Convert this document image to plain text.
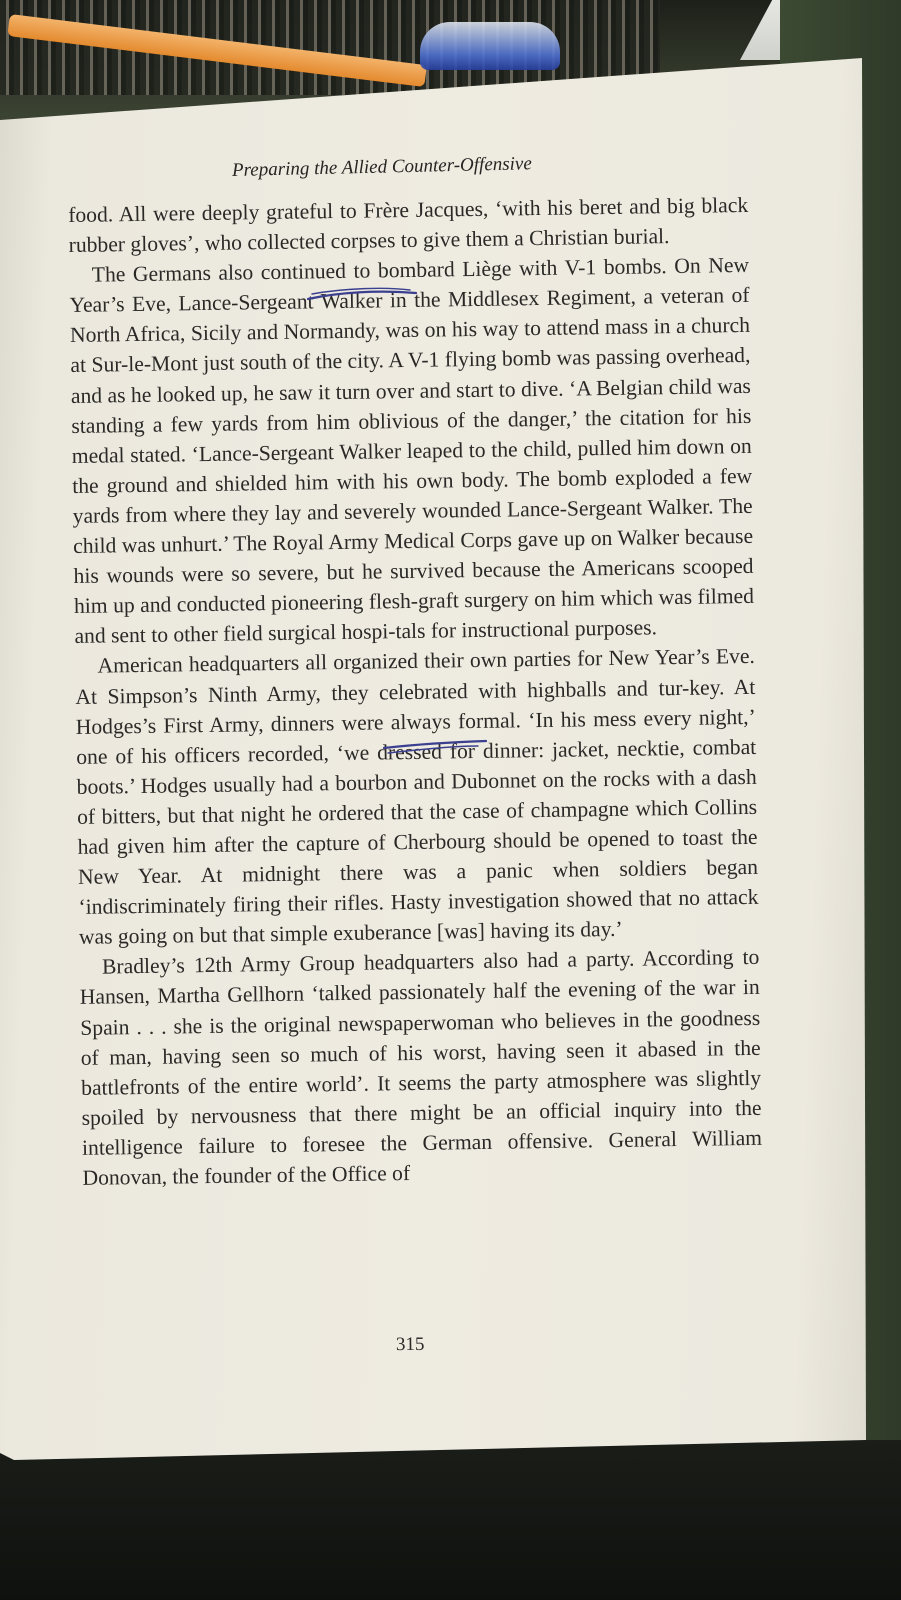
Preparing the Allied Counter-Offensive

food. All were deeply grateful to Frère Jacques, ‘with his beret and big black rubber gloves’, who collected corpses to give them a Christian burial.

The Germans also continued to bombard Liège with V-1 bombs. On New Year’s Eve, Lance-Sergeant Walker in the Middlesex Regiment, a veteran of North Africa, Sicily and Normandy, was on his way to attend mass in a church at Sur-le-Mont just south of the city. A V-1 flying bomb was passing overhead, and as he looked up, he saw it turn over and start to dive. ‘A Belgian child was standing a few yards from him oblivious of the danger,’ the citation for his medal stated. ‘Lance-Sergeant Walker leaped to the child, pulled him down on the ground and shielded him with his own body. The bomb exploded a few yards from where they lay and severely wounded Lance-Sergeant Walker. The child was unhurt.’ The Royal Army Medical Corps gave up on Walker because his wounds were so severe, but he survived because the Americans scooped him up and conducted pioneering flesh-graft surgery on him which was filmed and sent to other field surgical hospi-tals for instructional purposes.

American headquarters all organized their own parties for New Year’s Eve. At Simpson’s Ninth Army, they celebrated with highballs and tur-key. At Hodges’s First Army, dinners were always formal. ‘In his mess every night,’ one of his officers recorded, ‘we dressed for dinner: jacket, necktie, combat boots.’ Hodges usually had a bourbon and Dubonnet on the rocks with a dash of bitters, but that night he ordered that the case of champagne which Collins had given him after the capture of Cherbourg should be opened to toast the New Year. At midnight there was a panic when soldiers began ‘indiscriminately firing their rifles. Hasty investigation showed that no attack was going on but that simple exuberance [was] having its day.’

Bradley’s 12th Army Group headquarters also had a party. According to Hansen, Martha Gellhorn ‘talked passionately half the evening of the war in Spain . . . she is the original newspaperwoman who believes in the goodness of man, having seen so much of his worst, having seen it abased in the battlefronts of the entire world’. It seems the party atmosphere was slightly spoiled by nervousness that there might be an official inquiry into the intelligence failure to foresee the German offensive. General William Donovan, the founder of the Office of

315
